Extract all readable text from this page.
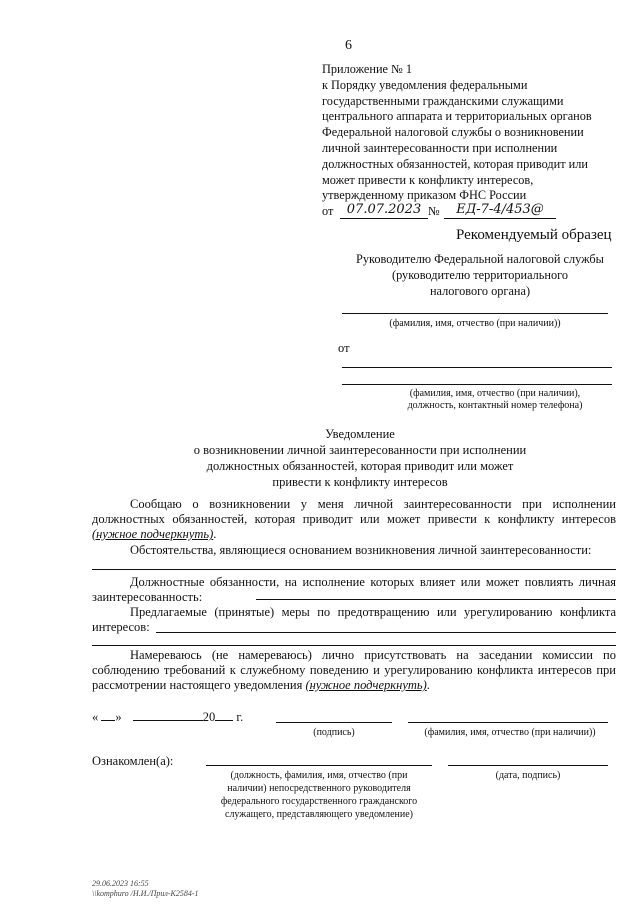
6
Приложение № 1
к Порядку уведомления федеральными
государственными гражданскими служащими
центрального аппарата и территориальных органов
Федеральной налоговой службы о возникновении
личной заинтересованности при исполнении
должностных обязанностей, которая приводит или
может привести к конфликту интересов,
утвержденному приказом ФНС России
от	07.07.2023 №	ЕД-7-4/453@
Рекомендуемый образец
Руководителю Федеральной налоговой службы
(руководителю территориального
налогового органа)
(фамилия, имя, отчество (при наличии))
от
(фамилия, имя, отчество (при наличии),
должность, контактный номер телефона)
Уведомление
о возникновении личной заинтересованности при исполнении
должностных обязанностей, которая приводит или может
привести к конфликту интересов
Сообщаю о возникновении у меня личной заинтересованности при исполнении должностных обязанностей, которая приводит или может привести к конфликту интересов (нужное подчеркнуть).
Обстоятельства, являющиеся основанием возникновения личной заинтересованности:
Должностные обязанности, на исполнение которых влияет или может повлиять личная заинтересованность:
Предлагаемые (принятые) меры по предотвращению или урегулированию конфликта интересов:
Намереваюсь (не намереваюсь) лично присутствовать на заседании комиссии по соблюдению требований к служебному поведению и урегулированию конфликта интересов при рассмотрении настоящего уведомления (нужное подчеркнуть).
« »	20 г.
(подпись)	(фамилия, имя, отчество (при наличии))
Ознакомлен(а):
(должность, фамилия, имя, отчество (при
наличии) непосредственного руководителя
федерального государственного гражданского
служащего, представляющего уведомление)
(дата, подпись)
29.06.2023 16:55
\\komphuro /Н.И./Прил-К2584-1
